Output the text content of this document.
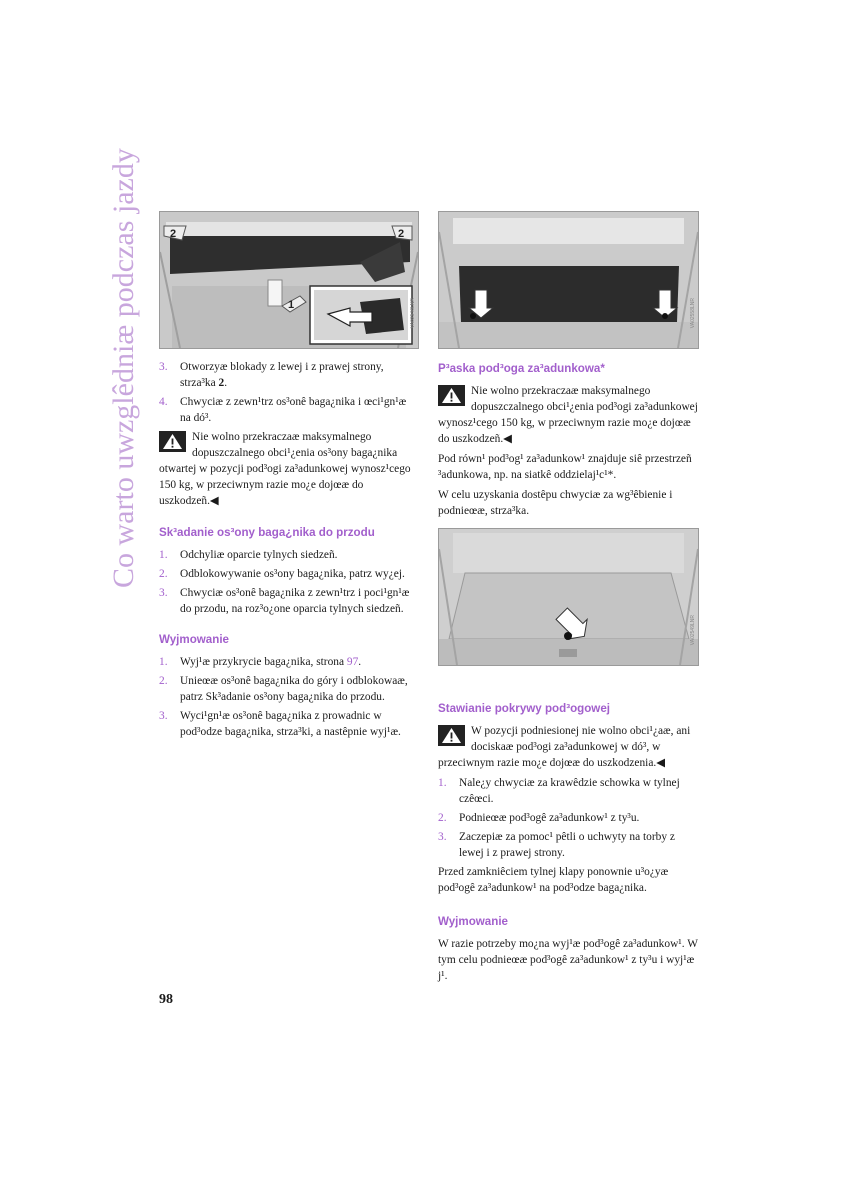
Co warto uwzglêdniæ podczas jazdy	2	2
1	VA02546LNR	VA02558LNR
VA02549LNR
3.	Otworzyæ blokady z lewej i z prawej strony, strza³ka 2.
4.	Chwyciæ z zewn¹trz os³onê baga¿nika i œci¹gn¹æ na dó³.
Nie wolno przekraczaæ maksymalnego dopuszczalnego obci¹¿enia os³ony baga¿nika otwartej w pozycji pod³ogi za³adunkowej wynosz¹cego 150 kg, w przeciwnym razie mo¿e dojœæ do uszkodzeñ.◀
Sk³adanie os³ony baga¿nika do przodu
1.	Odchyliæ oparcie tylnych siedzeñ.
2.	Odblokowywanie os³ony baga¿nika, patrz wy¿ej.
3.	Chwyciæ os³onê baga¿nika z zewn¹trz i poci¹gn¹æ do przodu, na roz³o¿one oparcia tylnych siedzeñ.
Wyjmowanie
1.	Wyj¹æ przykrycie baga¿nika, strona 97.
2.	Unieœæ os³onê baga¿nika do góry i odblokowaæ, patrz Sk³adanie os³ony baga¿nika do przodu.
3.	Wyci¹gn¹æ os³onê baga¿nika z prowadnic w pod³odze baga¿nika, strza³ki, a nastêpnie wyj¹æ.
P³aska pod³oga za³adunkowa*
Nie wolno przekraczaæ maksymalnego dopuszczalnego obci¹¿enia pod³ogi za³adunkowej wynosz¹cego 150 kg, w przeciwnym razie mo¿e dojœæ do uszkodzeñ.◀

Pod równ¹ pod³og¹ za³adunkow¹ znajduje siê przestrzeñ ³adunkowa, np. na siatkê oddzielaj¹c¹*.

W celu uzyskania dostêpu chwyciæ za wg³êbienie i podnieœæ, strza³ka.

Stawianie pokrywy pod³ogowej
W pozycji podniesionej nie wolno obci¹¿aæ, ani dociskaæ pod³ogi za³adunkowej w dó³, w przeciwnym razie mo¿e dojœæ do uszkodzenia.◀
1.	Nale¿y chwyciæ za krawêdzie schowka w tylnej czêœci.
2.	Podnieœæ pod³ogê za³adunkow¹ z ty³u.
3.	Zaczepiæ za pomoc¹ pêtli o uchwyty na torby z lewej i z prawej strony.

Przed zamkniêciem tylnej klapy ponownie u³o¿yæ pod³ogê za³adunkow¹ na pod³odze baga¿nika.

Wyjmowanie

W razie potrzeby mo¿na wyj¹æ pod³ogê za³adunkow¹. W tym celu podnieœæ pod³ogê za³adunkow¹ z ty³u i wyj¹æ j¹.

98
